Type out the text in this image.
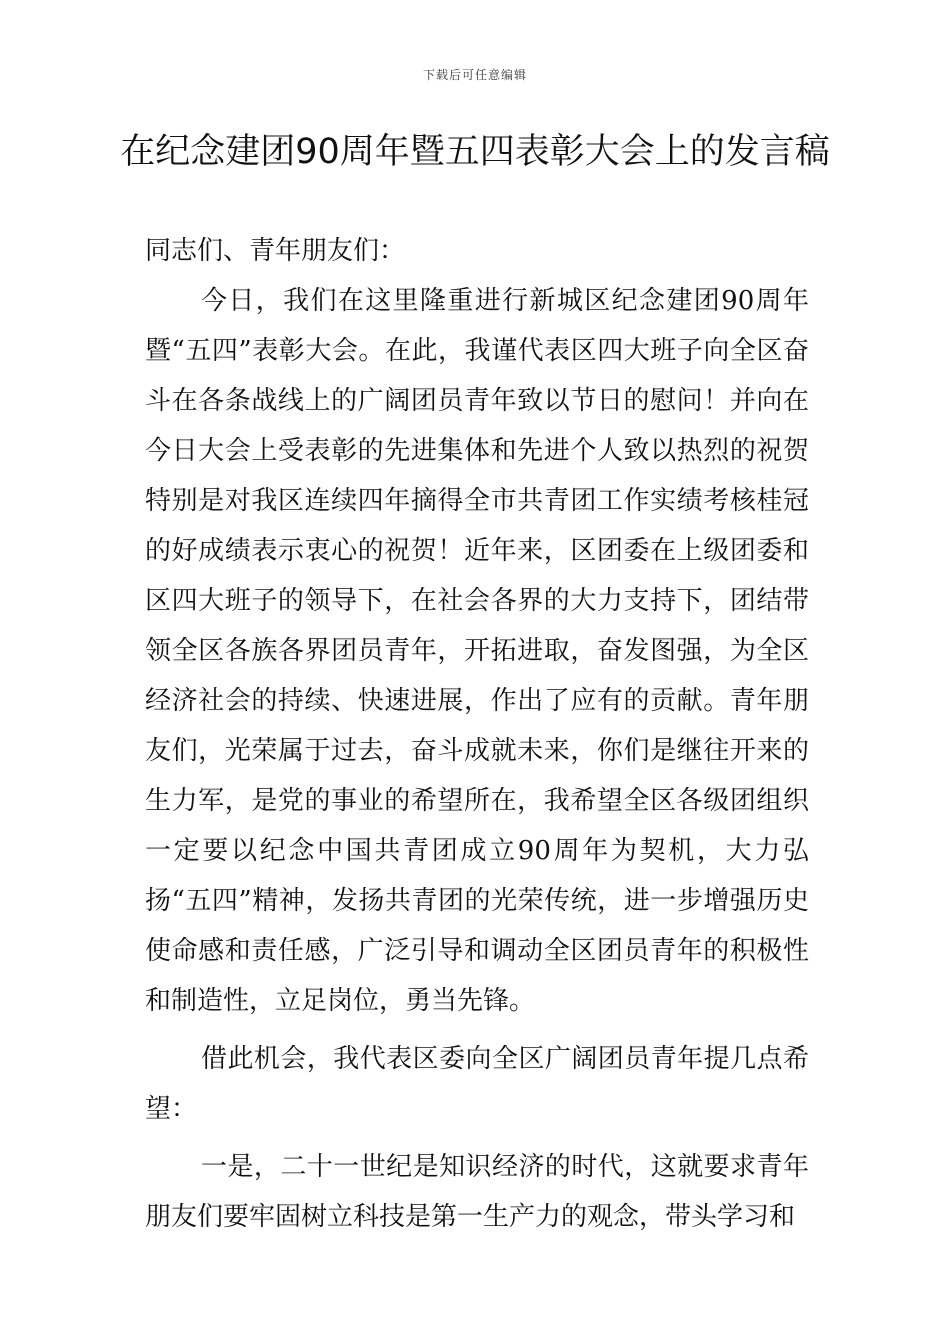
下载后可任意编辑
在纪念建团90周年暨五四表彰大会上的发言稿

同志们、青年朋友们：

今日，我们在这里隆重进行新城区纪念建团90周年暨“五四”表彰大会。在此，我谨代表区四大班子向全区奋斗在各条战线上的广阔团员青年致以节日的慰问！并向在今日大会上受表彰的先进集体和先进个人致以热烈的祝贺特别是对我区连续四年摘得全市共青团工作实绩考核桂冠的好成绩表示衷心的祝贺！近年来，区团委在上级团委和区四大班子的领导下，在社会各界的大力支持下，团结带领全区各族各界团员青年，开拓进取，奋发图强，为全区经济社会的持续、快速进展，作出了应有的贡献。青年朋友们，光荣属于过去，奋斗成就未来，你们是继往开来的生力军，是党的事业的希望所在，我希望全区各级团组织一定要以纪念中国共青团成立90周年为契机，大力弘扬“五四”精神，发扬共青团的光荣传统，进一步增强历史使命感和责任感，广泛引导和调动全区团员青年的积极性和制造性，立足岗位，勇当先锋。

借此机会，我代表区委向全区广阔团员青年提几点希望：

一是，二十一世纪是知识经济的时代，这就要求青年朋友们要牢固树立科技是第一生产力的观念，带头学习和
